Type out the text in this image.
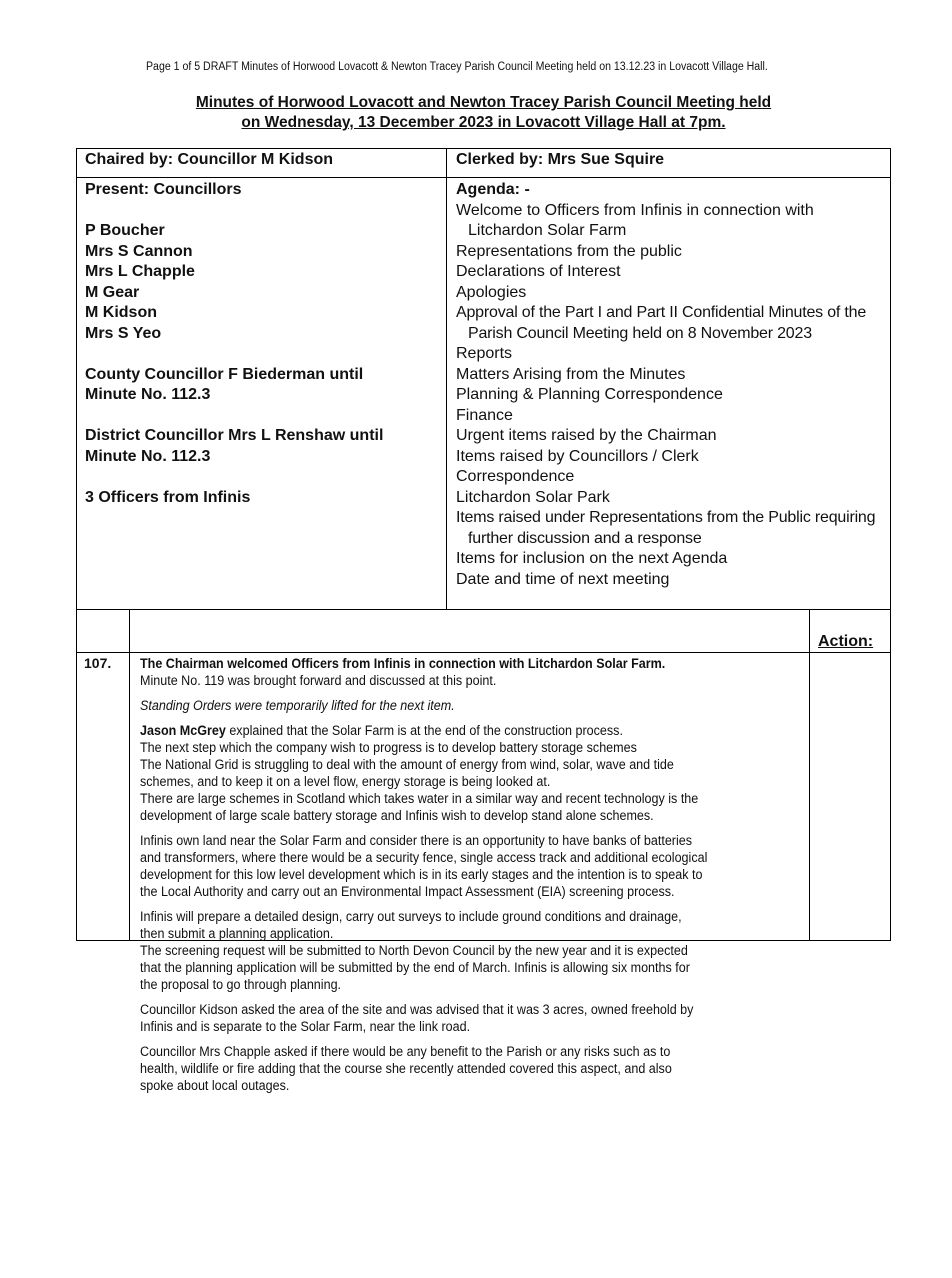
Page 1 of 5 DRAFT Minutes of Horwood Lovacott & Newton Tracey Parish Council Meeting held on 13.12.23 in Lovacott Village Hall.
Minutes of Horwood Lovacott and Newton Tracey Parish Council Meeting held
on Wednesday, 13 December 2023 in Lovacott Village Hall at 7pm.
Chaired by: Councillor M Kidson	Clerked by: Mrs Sue Squire
Present: Councillors
P Boucher
Mrs S Cannon
Mrs L Chapple
M Gear
M Kidson
Mrs S Yeo
County Councillor F Biederman until
Minute No. 112.3
District Councillor Mrs L Renshaw until
Minute No. 112.3
3 Officers from Infinis
Agenda: -
Welcome to Officers from Infinis in connection with Litchardon Solar Farm
Representations from the public
Declarations of Interest
Apologies
Approval of the Part I and Part II Confidential Minutes of the Parish Council Meeting held on 8 November 2023
Reports
Matters Arising from the Minutes
Planning & Planning Correspondence
Finance
Urgent items raised by the Chairman
Items raised by Councillors / Clerk
Correspondence
Litchardon Solar Park
Items raised under Representations from the Public requiring further discussion and a response
Items for inclusion on the next Agenda
Date and time of next meeting
Action:
107. The Chairman welcomed Officers from Infinis in connection with Litchardon Solar Farm.

Minute No. 119 was brought forward and discussed at this point.

Standing Orders were temporarily lifted for the next item.

Jason McGrey explained that the Solar Farm is at the end of the construction process.
The next step which the company wish to progress is to develop battery storage schemes
The National Grid is struggling to deal with the amount of energy from wind, solar, wave and tide
schemes, and to keep it on a level flow, energy storage is being looked at.
There are large schemes in Scotland which takes water in a similar way and recent technology is the
development of large scale battery storage and Infinis wish to develop stand alone schemes.

Infinis own land near the Solar Farm and consider there is an opportunity to have banks of batteries
and transformers, where there would be a security fence, single access track and additional ecological
development for this low level development which is in its early stages and the intention is to speak to
the Local Authority and carry out an Environmental Impact Assessment (EIA) screening process.

Infinis will prepare a detailed design, carry out surveys to include ground conditions and drainage,
then submit a planning application.
The screening request will be submitted to North Devon Council by the new year and it is expected
that the planning application will be submitted by the end of March. Infinis is allowing six months for
the proposal to go through planning.

Councillor Kidson asked the area of the site and was advised that it was 3 acres, owned freehold by
Infinis and is separate to the Solar Farm, near the link road.

Councillor Mrs Chapple asked if there would be any benefit to the Parish or any risks such as to
health, wildlife or fire adding that the course she recently attended covered this aspect, and also
spoke about local outages.
